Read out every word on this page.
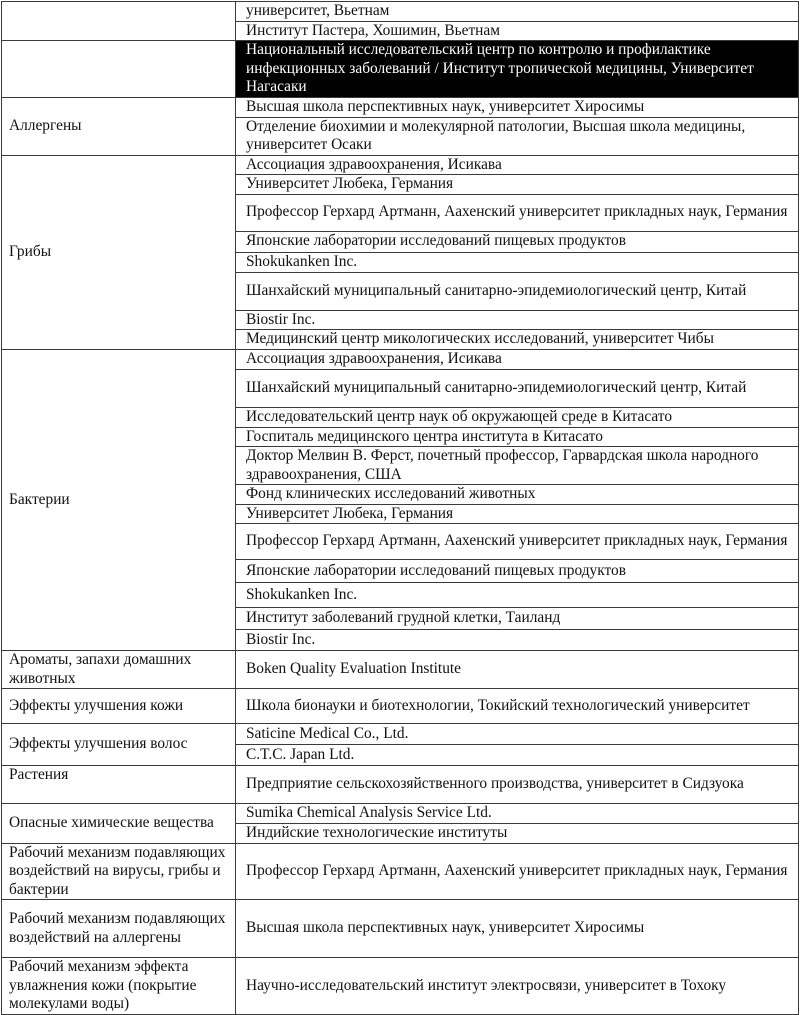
	университет, Вьетнам
	Институт Пастера, Хошимин, Вьетнам

	Национальный исследовательский центр по контролю и профилактике инфекционных заболеваний / Институт тропической медицины, Университет Нагасаки

Аллергены	Высшая школа перспективных наук, университет Хиросимы
	Отделение биохимии и молекулярной патологии, Высшая школа медицины, университет Осаки

Грибы	Ассоциация здравоохранения, Исикава
	Университет Любека, Германия
	Профессор Герхард Артманн, Аахенский университет прикладных наук, Германия
	Японские лаборатории исследований пищевых продуктов
	Shokukanken Inc.
	Шанхайский муниципальный санитарно-эпидемиологический центр, Китай
	Biostir Inc.
	Медицинский центр микологических исследований, университет Чибы

Бактерии	Ассоциация здравоохранения, Исикава
	Шанхайский муниципальный санитарно-эпидемиологический центр, Китай
	Исследовательский центр наук об окружающей среде в Китасато
	Госпиталь медицинского центра института в Китасато
	Доктор Мелвин В. Ферст, почетный профессор, Гарвардская школа народного здравоохранения, США
	Фонд клинических исследований животных
	Университет Любека, Германия
	Профессор Герхард Артманн, Аахенский университет прикладных наук, Германия
	Японские лаборатории исследований пищевых продуктов
	Shokukanken Inc.
	Институт заболеваний грудной клетки, Таиланд
	Biostir Inc.

Ароматы, запахи домашних животных	Boken Quality Evaluation Institute

Эффекты улучшения кожи	Школа бионауки и биотехнологии, Токийский технологический университет

Эффекты улучшения волос	Saticine Medical Co., Ltd.
	C.T.C. Japan Ltd.

Растения	Предприятие сельскохозяйственного производства, университет в Сидзуока

Опасные химические вещества	Sumika Chemical Analysis Service Ltd.
	Индийские технологические институты

Рабочий механизм подавляющих воздействий на вирусы, грибы и бактерии	Профессор Герхард Артманн, Аахенский университет прикладных наук, Германия

Рабочий механизм подавляющих воздействий на аллергены	Высшая школа перспективных наук, университет Хиросимы

Рабочий механизм эффекта увлажнения кожи (покрытие молекулами воды)	Научно-исследовательский институт электросвязи, университет в Тохоку
